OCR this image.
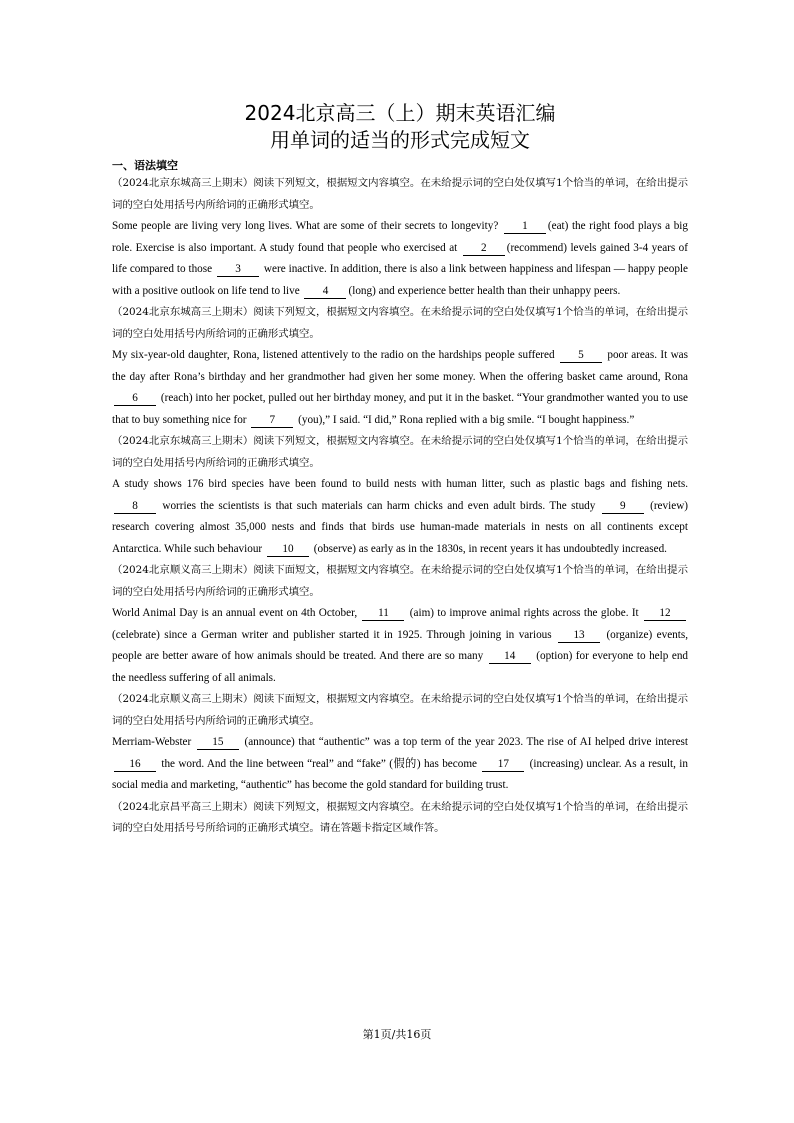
2024北京高三（上）期末英语汇编
用单词的适当的形式完成短文
一、语法填空

（2024北京东城高三上期末）阅读下列短文，根据短文内容填空。在未给提示词的空白处仅填写1个恰当的单词，在给出提示词的空白处用括号内所给词的正确形式填空。

Some people are living very long lives. What are some of their secrets to longevity? 1 (eat) the right food plays a big role. Exercise is also important. A study found that people who exercised at 2 (recommend) levels gained 3-4 years of life compared to those 3 were inactive. In addition, there is also a link between happiness and lifespan — happy people with a positive outlook on life tend to live 4 (long) and experience better health than their unhappy peers.

（2024北京东城高三上期末）阅读下列短文，根据短文内容填空。在未给提示词的空白处仅填写1个恰当的单词，在给出提示词的空白处用括号内所给词的正确形式填空。

My six-year-old daughter, Rona, listened attentively to the radio on the hardships people suffered 5 poor areas. It was the day after Rona’s birthday and her grandmother had given her some money. When the offering basket came around, Rona 6 (reach) into her pocket, pulled out her birthday money, and put it in the basket. “Your grandmother wanted you to use that to buy something nice for 7 (you),” I said. “I did,” Rona replied with a big smile. “I bought happiness.”

（2024北京东城高三上期末）阅读下列短文，根据短文内容填空。在未给提示词的空白处仅填写1个恰当的单词，在给出提示词的空白处用括号内所给词的正确形式填空。

A study shows 176 bird species have been found to build nests with human litter, such as plastic bags and fishing nets. 8 worries the scientists is that such materials can harm chicks and even adult birds. The study 9 (review) research covering almost 35,000 nests and finds that birds use human-made materials in nests on all continents except Antarctica. While such behaviour 10 (observe) as early as in the 1830s, in recent years it has undoubtedly increased.

（2024北京顺义高三上期末）阅读下面短文，根据短文内容填空。在未给提示词的空白处仅填写1个恰当的单词，在给出提示词的空白处用括号内所给词的正确形式填空。

World Animal Day is an annual event on 4th October, 11 (aim) to improve animal rights across the globe. It 12 (celebrate) since a German writer and publisher started it in 1925. Through joining in various 13 (organize) events, people are better aware of how animals should be treated. And there are so many 14 (option) for everyone to help end the needless suffering of all animals.

（2024北京顺义高三上期末）阅读下面短文，根据短文内容填空。在未给提示词的空白处仅填写1个恰当的单词，在给出提示词的空白处用括号内所给词的正确形式填空。

Merriam-Webster 15 (announce) that “authentic” was a top term of the year 2023. The rise of AI helped drive interest 16 the word. And the line between “real” and “fake” (假的) has become 17 (increasing) unclear. As a result, in social media and marketing, “authentic” has become the gold standard for building trust.

（2024北京昌平高三上期末）阅读下列短文，根据短文内容填空。在未给提示词的空白处仅填写1个恰当的单词，在给出提示词的空白处用括号号所给词的正确形式填空。请在答题卡指定区域作答。

第1页/共16页
